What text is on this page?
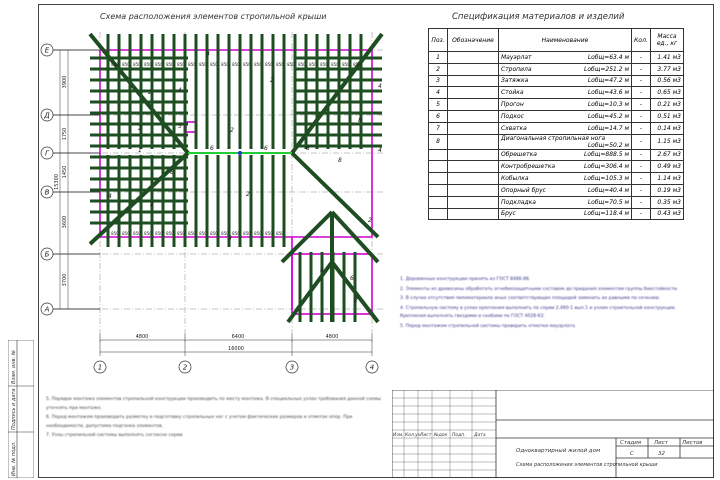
Схема расположения элементов стропильной крыши	Спецификация материалов и изделий
4800	6400	4800
16000
3900
1750
1450
3600
3700
15300
850 850 850 850 850 850 850 850 850 850 850 850 850 850 850 850 850 850 850 850 850 850 850
850 850 850 850 850 850 850 850 850 850 850 850 850 850 850 850
2
4
4
4
2
2
2
3
5
8
2
8
2
4
4
2
2
8
6	8
6
8
1
6
Е
Д
Г
В
Б
А
1	2	3	4
Поз.	Обозначение	Наименование	Кол.	Масса ед., кг
1		Мауэрлат Lобщ=63.4 м	-	1.41 м3
2		Стропила Lобщ=251.2 м	-	3.77 м3
3		Затяжка Lобщ=47.2 м	-	0.56 м3
4		Стойка Lобщ=43.6 м	-	0.65 м3
5		Прогон Lобщ=10.3 м	-	0.21 м3
6		Подкос Lобщ=45.2 м	-	0.51 м3
7		Схватка Lобщ=14.7 м	-	0.14 м3
8		Диагональная стропильная нога
Lобщ=50.2 м	-	1.15 м3

		Обрешетка Lобщ=888.5 м	-	2.67 м3

		Контробрешетка Lобщ=306.4 м	-	0.49 м3

		Кобылка Lобщ=105.3 м	-	1.14 м3

		Опорный брус Lобщ=40.4 м	-	0.19 м3

		Подкладка Lобщ=70.5 м	-	0.35 м3

		Брус Lобщ=118.4 м	-	0.43 м3
1. Деревянные конструкции принять из ГОСТ 8486-86.
2. Элементы из древесины обработать огнебиозащитными составом до придания элементам группы биостойкости.
3. В случае отсутствия пиломатериала иных соответствующих площадей заменить их равными по сечению.
4. Стропильную систему в узлах крепления выполнить по серии 2.460-1 вып.1 и узлам строительной конструкции. Крепления выполнять гвоздями и скобами по ГОСТ 4028-63.
5. Перед монтажом стропильной системы проверить отметки мауэрлата.
5. Порядок монтажа элементов стропильной конструкции производить по месту монтажа. В специальных узлах требования данной схемы уточнять при монтаже.
6. Перед монтажом производить разметку и подготовку стропильных ног с учетом фактических размеров и отметок опор. При необходимости, допустима подгонка элементов.
7. Узлы стропильной системы выполнять согласно серии.	Изм. Кол.уч Лист №док Подп. Дата
Одноквартирный жилой дом
Схема расположения элементов стропильной крыши
Стадия Лист	Листов
С	32
Взам. инв. №
Подпись и дата
Инв. № подл.
